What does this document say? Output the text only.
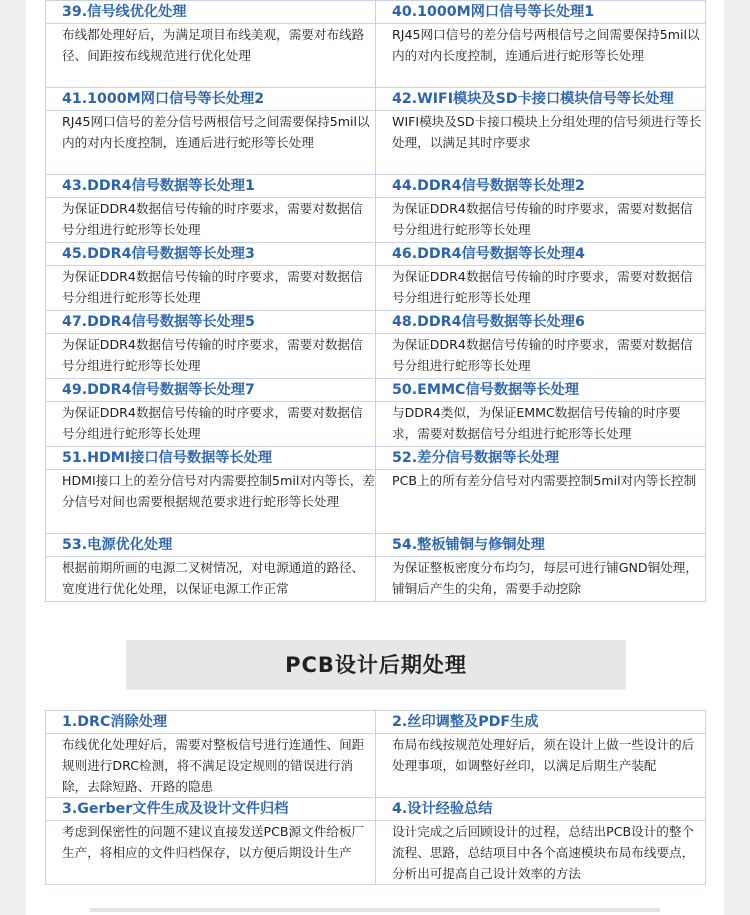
39.信号线优化处理	40.1000M网口信号等长处理1
布线都处理好后，为满足项目布线美观，需要对布线路径、间距按布线规范进行优化处理	RJ45网口信号的差分信号两根信号之间需要保持5mil以内的对内长度控制，连通后进行蛇形等长处理
41.1000M网口信号等长处理2	42.WIFI模块及SD卡接口模块信号等长处理
RJ45网口信号的差分信号两根信号之间需要保持5mil以内的对内长度控制，连通后进行蛇形等长处理	WIFI模块及SD卡接口模块上分组处理的信号须进行等长处理，以满足其时序要求
43.DDR4信号数据等长处理1	44.DDR4信号数据等长处理2
为保证DDR4数据信号传输的时序要求，需要对数据信号分组进行蛇形等长处理	为保证DDR4数据信号传输的时序要求，需要对数据信号分组进行蛇形等长处理
45.DDR4信号数据等长处理3	46.DDR4信号数据等长处理4
为保证DDR4数据信号传输的时序要求，需要对数据信号分组进行蛇形等长处理	为保证DDR4数据信号传输的时序要求，需要对数据信号分组进行蛇形等长处理
47.DDR4信号数据等长处理5	48.DDR4信号数据等长处理6
为保证DDR4数据信号传输的时序要求，需要对数据信号分组进行蛇形等长处理	为保证DDR4数据信号传输的时序要求，需要对数据信号分组进行蛇形等长处理
49.DDR4信号数据等长处理7	50.EMMC信号数据等长处理
为保证DDR4数据信号传输的时序要求，需要对数据信号分组进行蛇形等长处理	与DDR4类似，为保证EMMC数据信号传输的时序要求，需要对数据信号分组进行蛇形等长处理
51.HDMI接口信号数据等长处理	52.差分信号数据等长处理
HDMI接口上的差分信号对内需要控制5mil对内等长，差分信号对间也需要根据规范要求进行蛇形等长处理	PCB上的所有差分信号对内需要控制5mil对内等长控制
53.电源优化处理	54.整板铺铜与修铜处理
根据前期所画的电源二叉树情况，对电源通道的路径、宽度进行优化处理，以保证电源工作正常	为保证整板密度分布均匀，每层可进行铺GND铜处理，铺铜后产生的尖角，需要手动挖除
PCB设计后期处理
1.DRC消除处理	2.丝印调整及PDF生成
布线优化处理好后，需要对整板信号进行连通性、间距规则进行DRC检测，将不满足设定规则的错误进行消除，去除短路、开路的隐患	布局布线按规范处理好后，须在设计上做一些设计的后处理事项，如调整好丝印，以满足后期生产装配
3.Gerber文件生成及设计文件归档	4.设计经验总结
考虑到保密性的问题不建议直接发送PCB源文件给板厂生产，将相应的文件归档保存，以方便后期设计生产	设计完成之后回顾设计的过程，总结出PCB设计的整个流程、思路，总结项目中各个高速模块布局布线要点，分析出可提高自己设计效率的方法
